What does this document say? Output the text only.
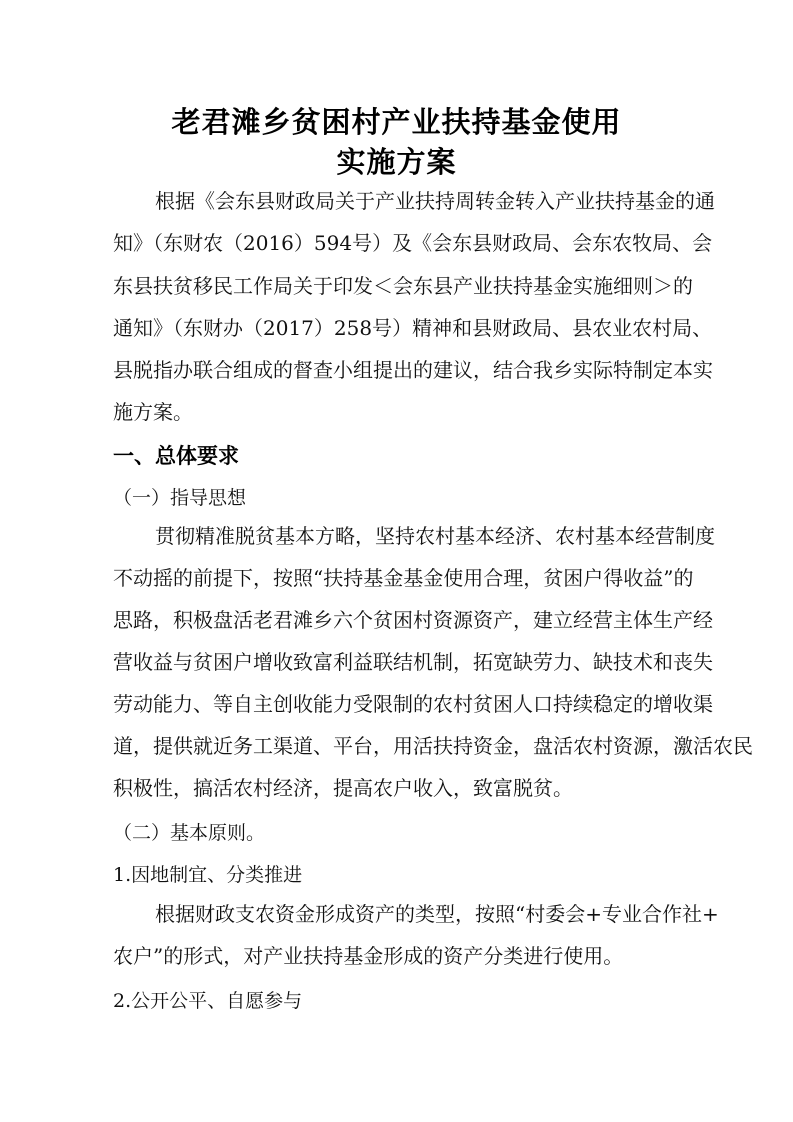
老君滩乡贫困村产业扶持基金使用
实施方案
根据《会东县财政局关于产业扶持周转金转入产业扶持基金的通
知》（东财农（2016）594号）及《会东县财政局、会东农牧局、会
东县扶贫移民工作局关于印发＜会东县产业扶持基金实施细则＞的
通知》（东财办（2017）258号）精神和县财政局、县农业农村局、
县脱指办联合组成的督查小组提出的建议，结合我乡实际特制定本实
施方案。
一、总体要求
（一）指导思想
贯彻精准脱贫基本方略，坚持农村基本经济、农村基本经营制度
不动摇的前提下，按照“扶持基金基金使用合理，贫困户得收益”的
思路，积极盘活老君滩乡六个贫困村资源资产，建立经营主体生产经
营收益与贫困户增收致富利益联结机制，拓宽缺劳力、缺技术和丧失
劳动能力、等自主创收能力受限制的农村贫困人口持续稳定的增收渠
道，提供就近务工渠道、平台，用活扶持资金，盘活农村资源，激活农民
积极性，搞活农村经济，提高农户收入，致富脱贫。
（二）基本原则。
1.因地制宜、分类推进
根据财政支农资金形成资产的类型，按照“村委会+专业合作社+
农户”的形式，对产业扶持基金形成的资产分类进行使用。
2.公开公平、自愿参与
